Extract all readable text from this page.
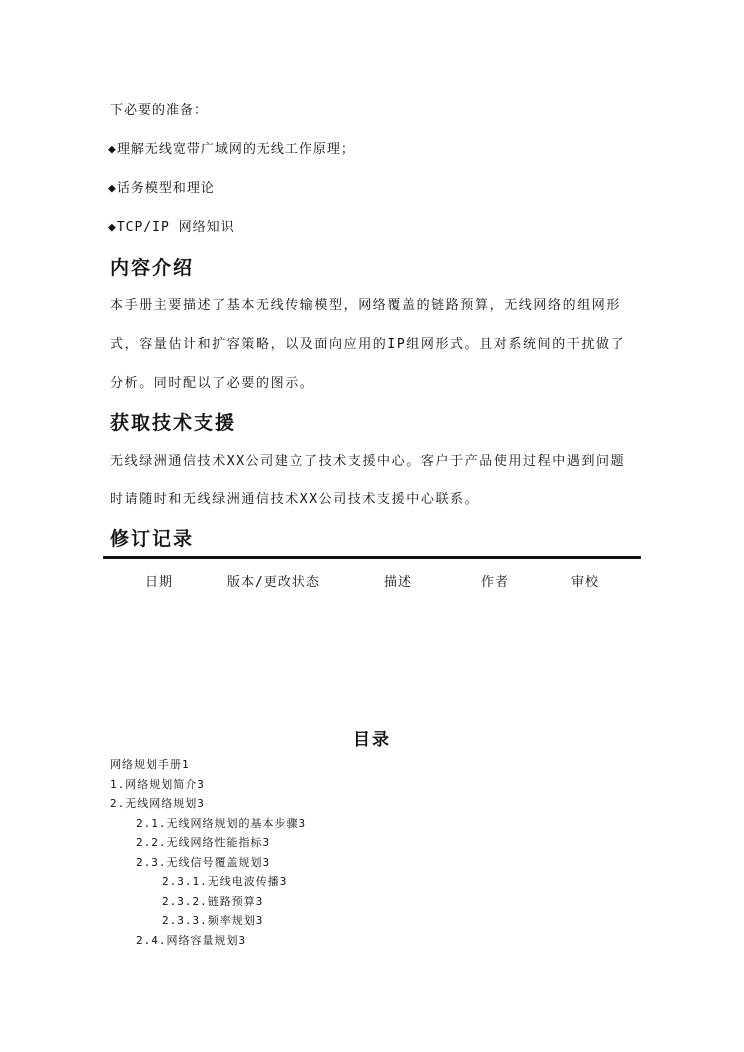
下必要的准备：
◆理解无线宽带广域网的无线工作原理；
◆话务模型和理论
◆TCP/IP 网络知识
内容介绍
本手册主要描述了基本无线传输模型，网络覆盖的链路预算，无线网络的组网形
式，容量估计和扩容策略，以及面向应用的IP组网形式。且对系统间的干扰做了
分析。同时配以了必要的图示。
获取技术支援
无线绿洲通信技术XX公司建立了技术支援中心。客户于产品使用过程中遇到问题
时请随时和无线绿洲通信技术XX公司技术支援中心联系。
修订记录
日期	版本/更改状态	描述	作者	审校
目录
网络规划手册1
1.网络规划简介3
2.无线网络规划3
2.1.无线网络规划的基本步骤3
2.2.无线网络性能指标3
2.3.无线信号覆盖规划3
2.3.1.无线电波传播3
2.3.2.链路预算3
2.3.3.频率规划3
2.4.网络容量规划3
